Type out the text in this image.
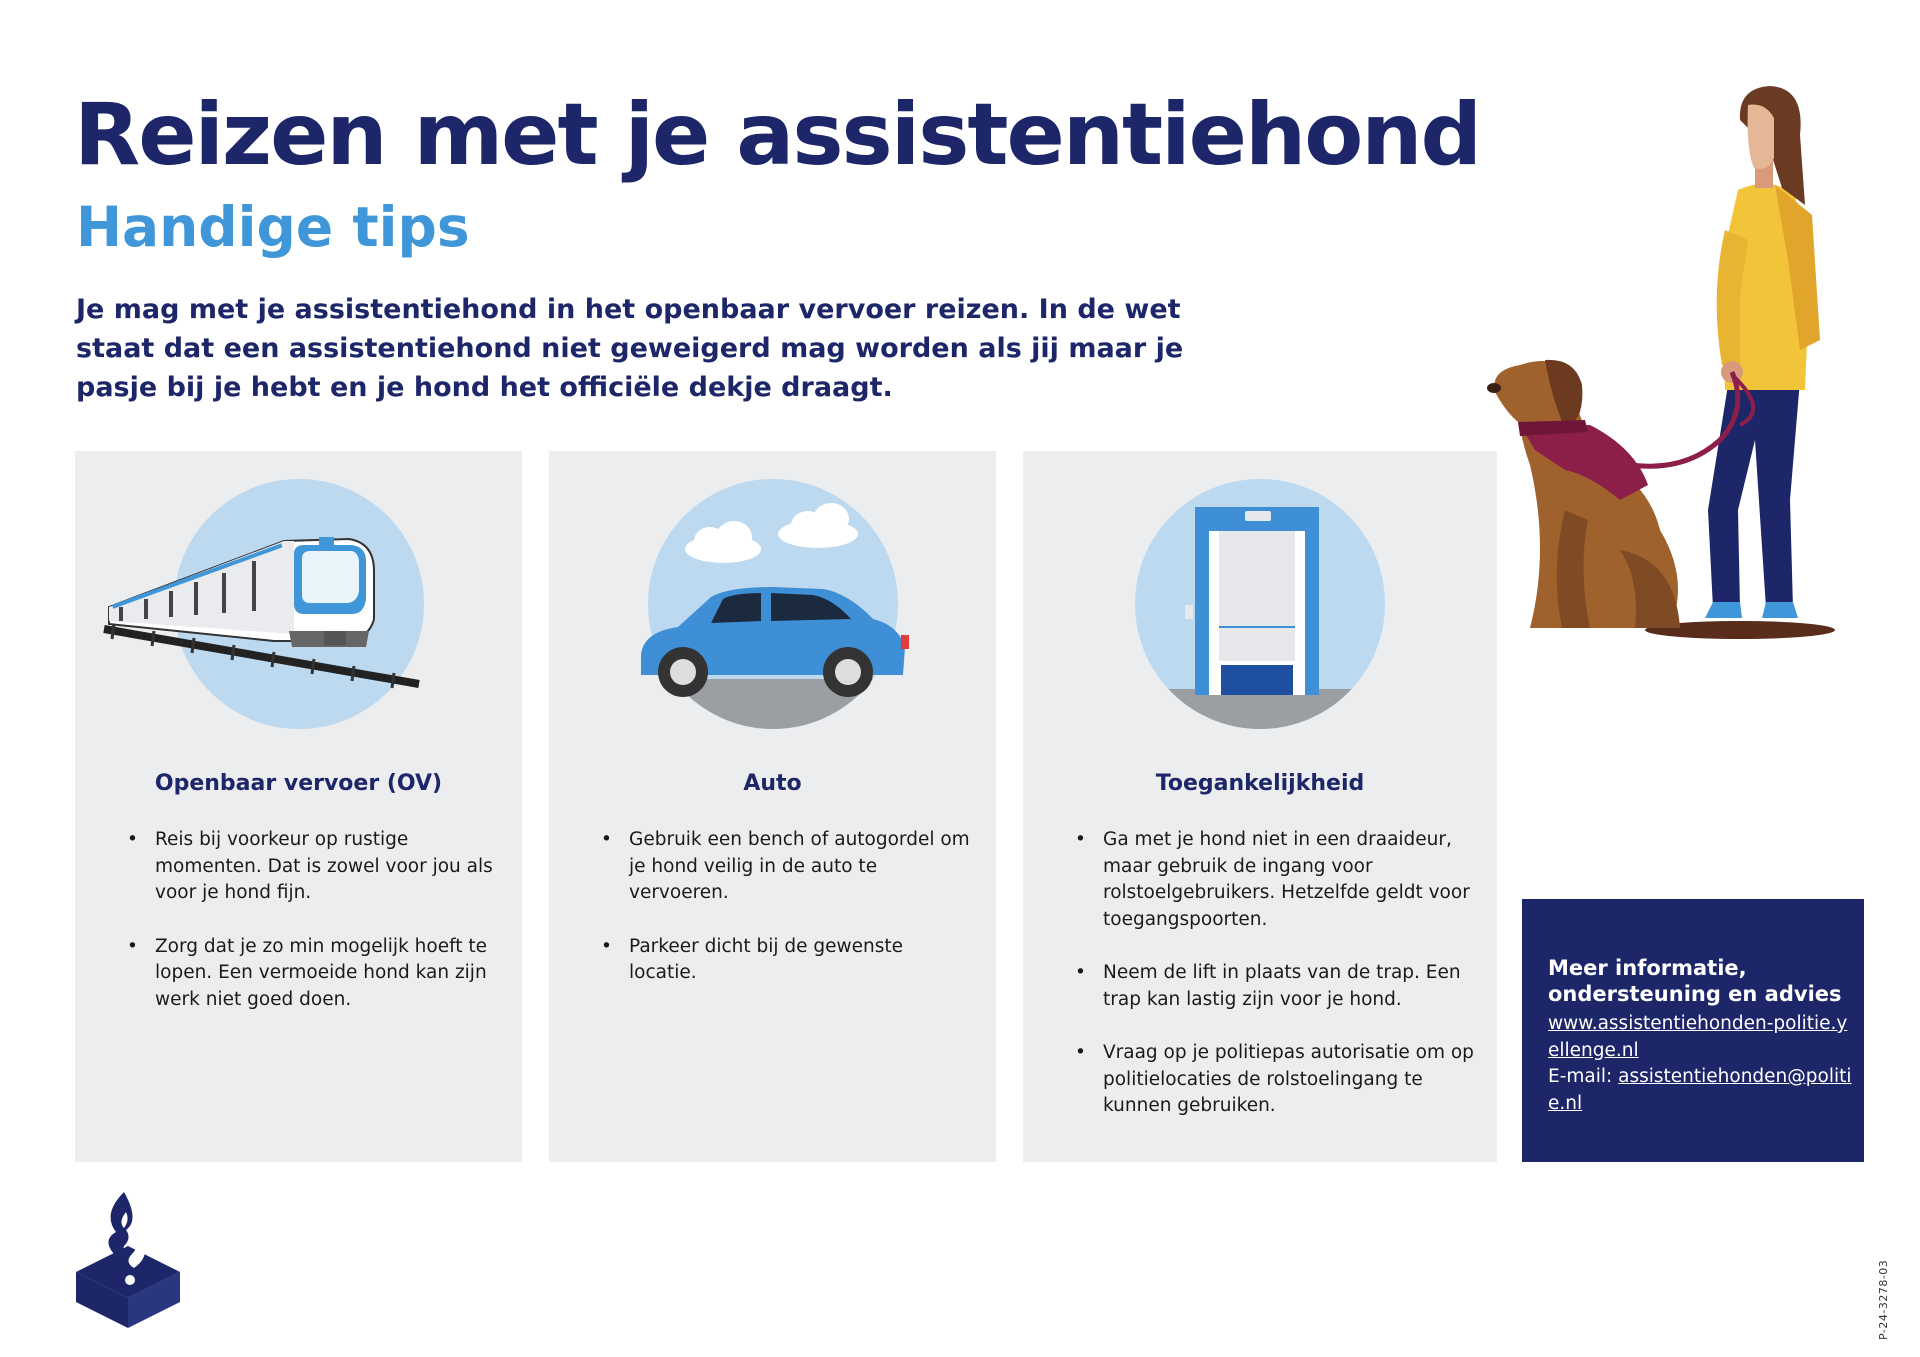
Reizen met je assistentiehond
Handige tips

Je mag met je assistentiehond in het openbaar vervoer reizen. In de wet staat dat een assistentiehond niet geweigerd mag worden als jij maar je pasje bij je hebt en je hond het officiële dekje draagt.

Openbaar vervoer (OV)
• Reis bij voorkeur op rustige momenten. Dat is zowel voor jou als voor je hond fijn.
• Zorg dat je zo min mogelijk hoeft te lopen. Een vermoeide hond kan zijn werk niet goed doen.
Auto
• Gebruik een bench of autogordel om je hond veilig in de auto te vervoeren.
• Parkeer dicht bij de gewenste locatie.
Toegankelijkheid
• Ga met je hond niet in een draaideur, maar gebruik de ingang voor rolstoelgebruikers. Hetzelfde geldt voor toegangspoorten.
• Neem de lift in plaats van de trap. Een trap kan lastig zijn voor je hond.
• Vraag op je politiepas autorisatie om op politielocaties de rolstoelingang te kunnen gebruiken.

Meer informatie, ondersteuning en advies

www.assistentiehonden-politie.yellenge.nl
E-mail: assistentiehonden@politie.nl
P-24-3278-03
